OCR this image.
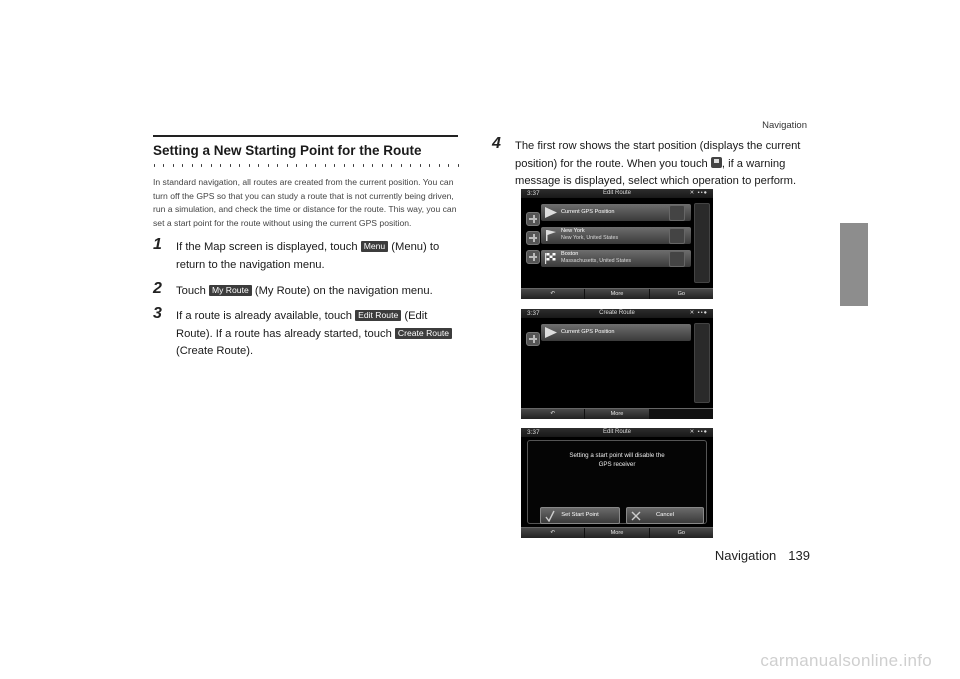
Navigation
Setting a New Starting Point for the Route

In standard navigation, all routes are created from the current position. You can turn off the GPS so that you can study a route that is not currently being driven, run a simulation, and check the time or distance for the route. This way, you can set a start point for the route without using the current GPS position.

1 If the Map screen is displayed, touch Menu (Menu) to return to the navigation menu.
2 Touch My Route (My Route) on the navigation menu.
3 If a route is already available, touch Edit Route (Edit Route). If a route has already started, touch Create Route (Create Route).
4 The first row shows the start position (displays the current position) for the route. When you touch , if a warning message is displayed, select which operation to perform.
3:37	Edit Route	✕ ▪•●
Current GPS Position
New York
New York, United States
Boston
Massachusetts, United States
↶	More	Go
3:37	Create Route	✕ ▪•●
Current GPS Position
↶	More
3:37	Edit Route	✕ ▪•●
Setting a start point will disable the
GPS receiver
Set Start Point	Cancel
↶	More	Go
Navigation 139
carmanualsonline.info
